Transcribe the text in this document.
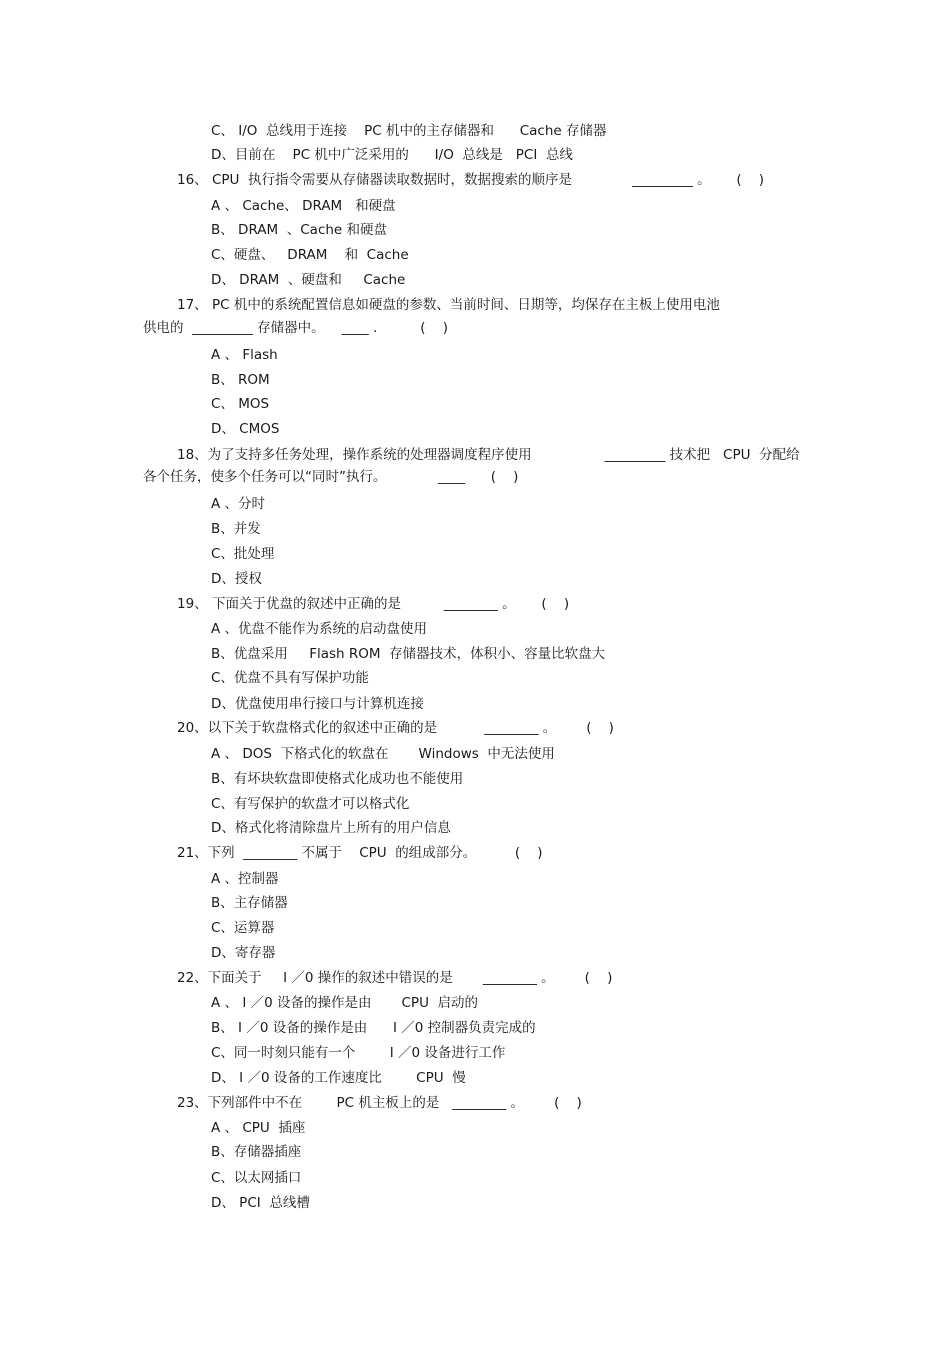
C、 I/O  总线用于连接    PC 机中的主存储器和      Cache 存储器
D、目前在    PC 机中广泛采用的      I/O  总线是   PCI  总线
16、 CPU  执行指令需要从存储器读取数据时，数据搜索的顺序是              _________ 。      (    )
A 、 Cache、 DRAM   和硬盘
B、 DRAM  、Cache 和硬盘
C、硬盘、   DRAM    和  Cache
D、 DRAM  、硬盘和     Cache
17、 PC 机中的系统配置信息如硬盘的参数、当前时间、日期等，均保存在主板上使用电池
供电的  _________ 存储器中。    ____ .          (    )
A 、 Flash
B、 ROM
C、 MOS
D、 CMOS
18、为了支持多任务处理，操作系统的处理器调度程序使用                 _________ 技术把   CPU  分配给
各个任务，使多个任务可以“同时”执行。            ____      (    )
A 、分时
B、并发
C、批处理
D、授权
19、 下面关于优盘的叙述中正确的是          ________ 。      (    )
A 、优盘不能作为系统的启动盘使用
B、优盘采用     Flash ROM  存储器技术，体积小、容量比软盘大
C、优盘不具有写保护功能
D、优盘使用串行接口与计算机连接
20、以下关于软盘格式化的叙述中正确的是           ________ 。       (    )
A 、 DOS  下格式化的软盘在       Windows  中无法使用
B、有坏块软盘即使格式化成功也不能使用
C、有写保护的软盘才可以格式化
D、格式化将清除盘片上所有的用户信息
21、下列  ________ 不属于    CPU  的组成部分。         (    )
A 、控制器
B、主存储器
C、运算器
D、寄存器
22、下面关于     I ／0 操作的叙述中错误的是       ________ 。       (    )
A 、 I ／0 设备的操作是由       CPU  启动的
B、 I ／0 设备的操作是由      I ／0 控制器负责完成的
C、同一时刻只能有一个        I ／0 设备进行工作
D、 I ／0 设备的工作速度比        CPU  慢
23、下列部件中不在        PC 机主板上的是   ________ 。       (    )
A 、 CPU  插座
B、存储器插座
C、以太网插口
D、 PCI  总线槽
